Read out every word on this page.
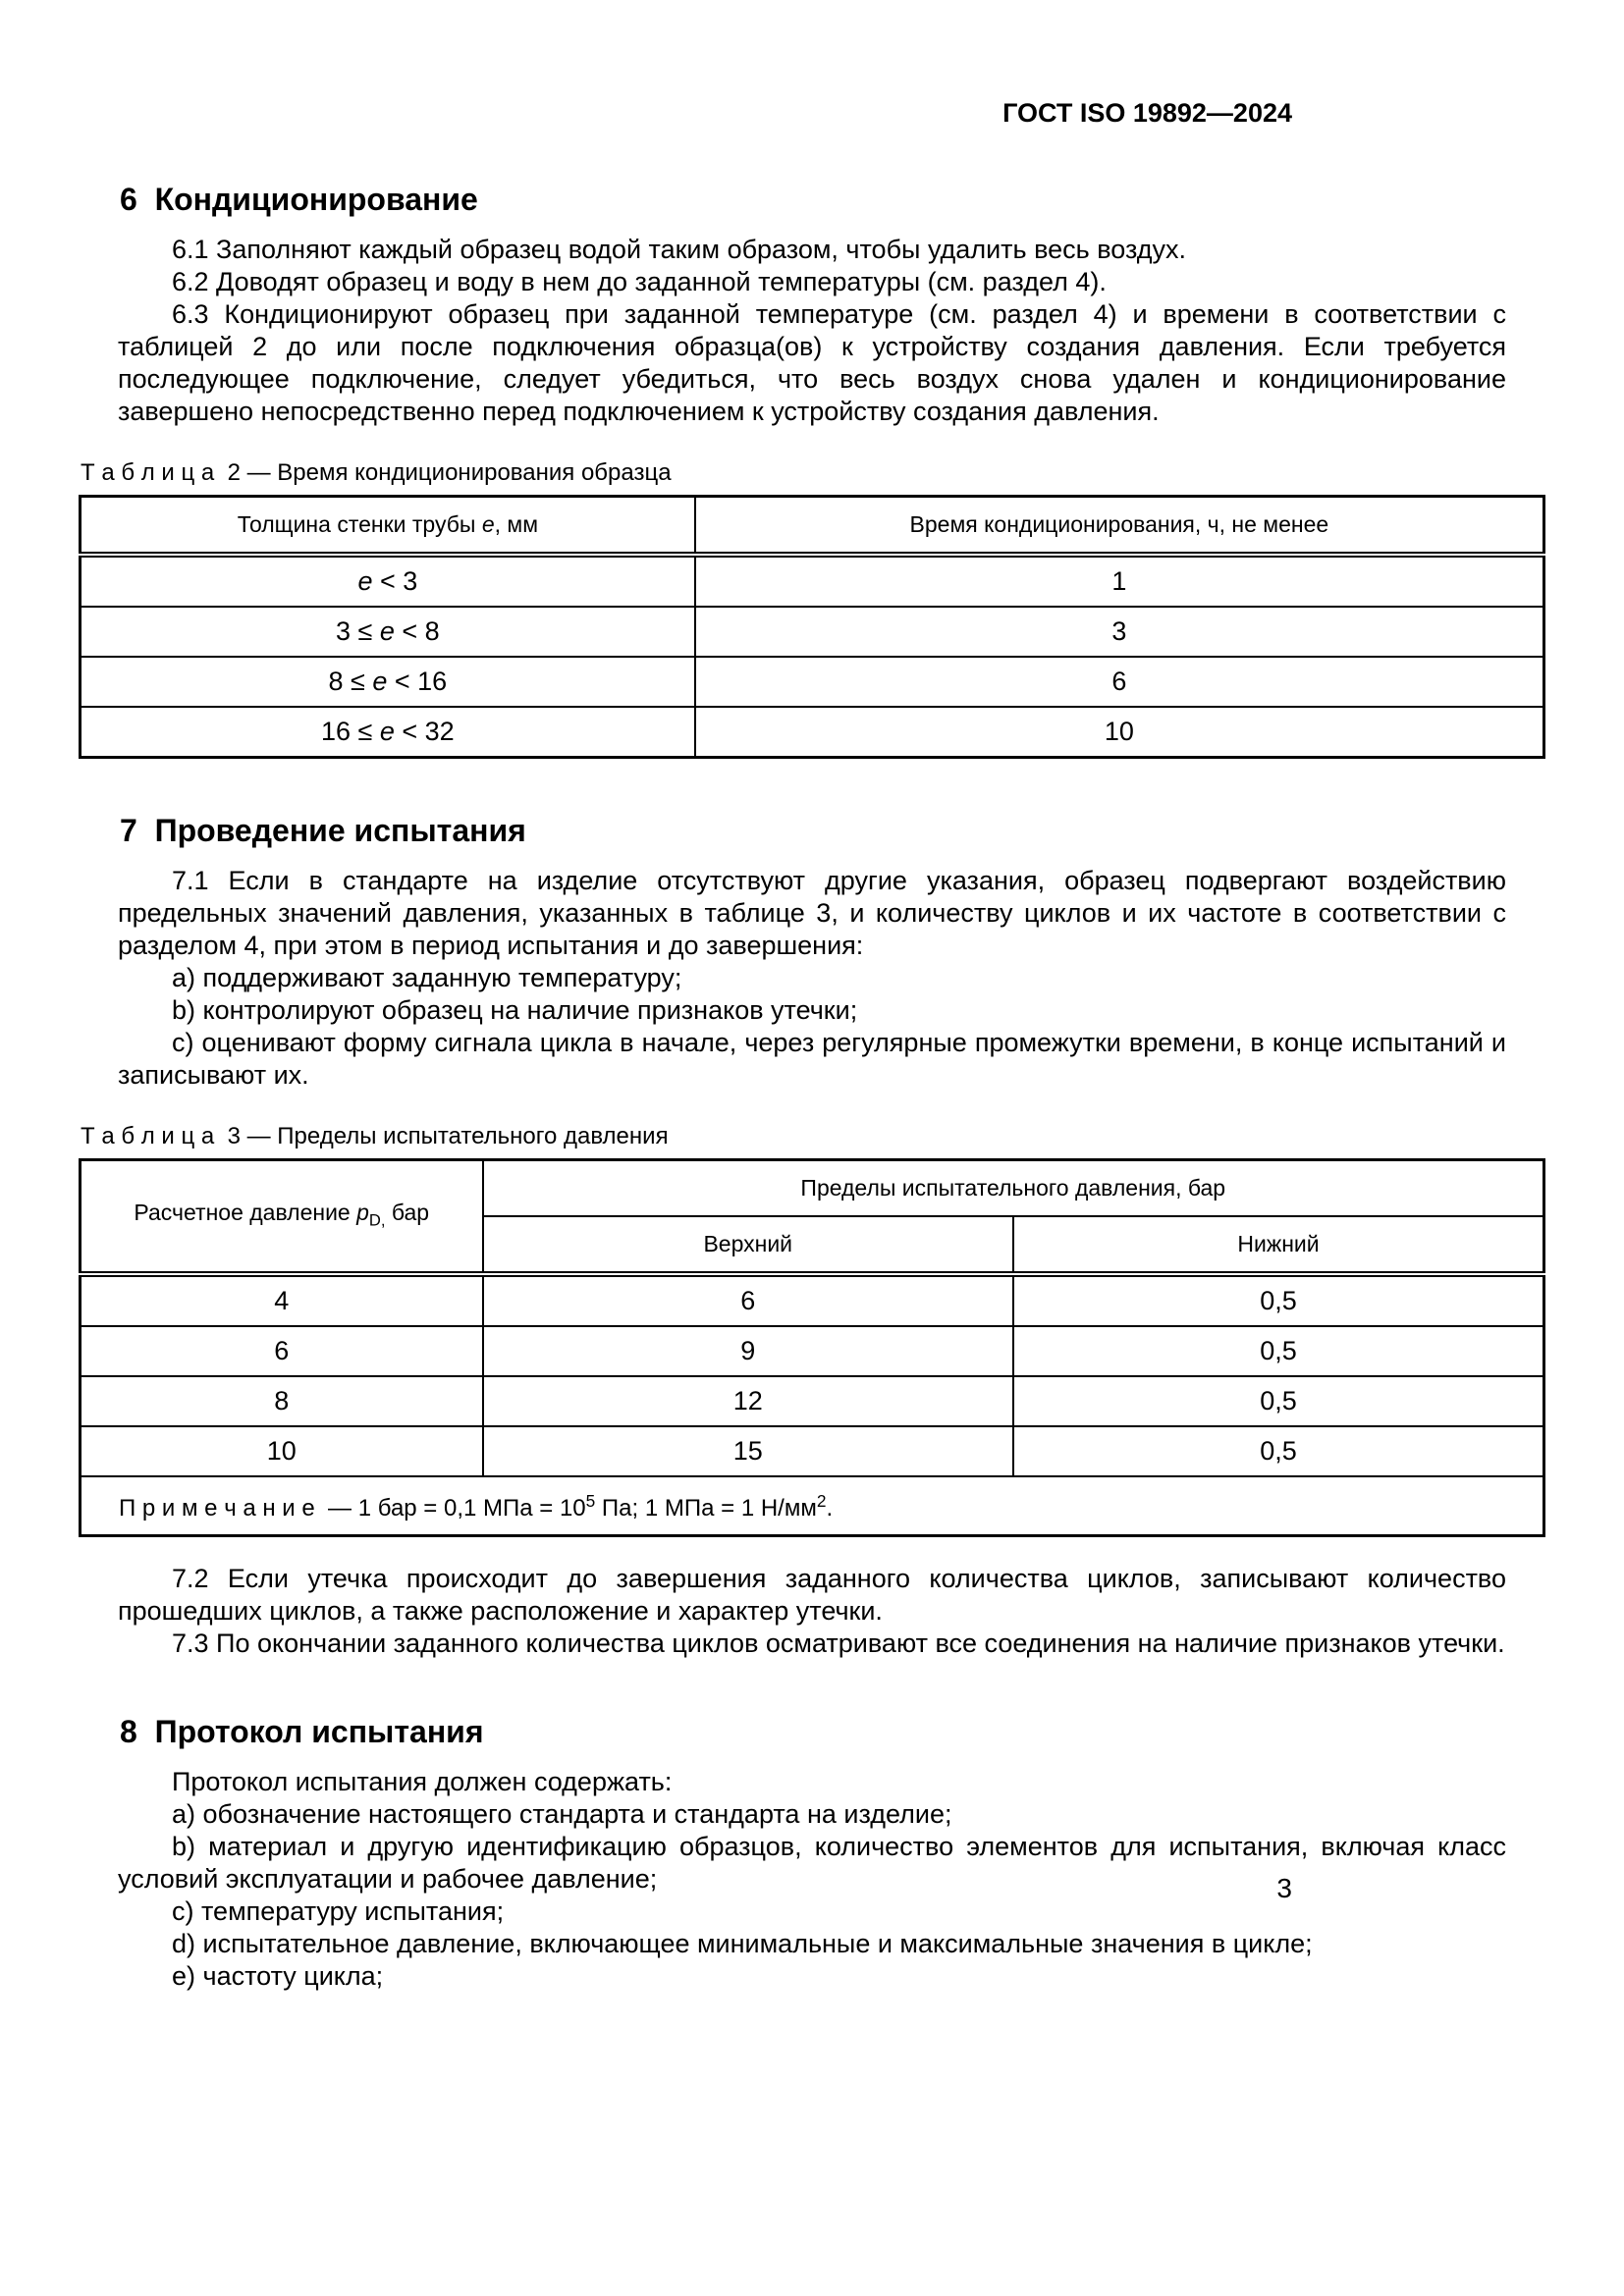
ГОСТ ISO 19892—2024
6  Кондиционирование

6.1 Заполняют каждый образец водой таким образом, чтобы удалить весь воздух.

6.2 Доводят образец и воду в нем до заданной температуры (см. раздел 4).

6.3 Кондиционируют образец при заданной температуре (см. раздел 4) и времени в соответствии с таблицей 2 до или после подключения образца(ов) к устройству создания давления. Если требуется последующее подключение, следует убедиться, что весь воздух снова удален и кондиционирование завершено непосредственно перед подключением к устройству создания давления.

Т а б л и ц а  2 — Время кондиционирования образца

Толщина стенки трубы e, мм	Время кондиционирования, ч, не менее
e < 3	1
3 ≤ e < 8	3
8 ≤ e < 16	6
16 ≤ e < 32	10
7  Проведение испытания

7.1 Если в стандарте на изделие отсутствуют другие указания, образец подвергают воздействию предельных значений давления, указанных в таблице 3, и количеству циклов и их частоте в соответствии с разделом 4, при этом в период испытания и до завершения:

a) поддерживают заданную температуру;

b) контролируют образец на наличие признаков утечки;

c) оценивают форму сигнала цикла в начале, через регулярные промежутки времени, в конце испытаний и записывают их.

Т а б л и ц а  3 — Пределы испытательного давления

Расчетное давление $p_{D,}$ бар	Пределы испытательного давления, бар	
	Верхний	Нижний
4	6	0,5
6	9	0,5
8	12	0,5
10	15	0,5
П р и м е ч а н и е  — 1 бар = 0,1 МПа = $10^5$ Па; 1 МПа = 1 $Н/мм^2$.		

7.2 Если утечка происходит до завершения заданного количества циклов, записывают количество прошедших циклов, а также расположение и характер утечки.

7.3 По окончании заданного количества циклов осматривают все соединения на наличие признаков утечки.

8  Протокол испытания

Протокол испытания должен содержать:

a) обозначение настоящего стандарта и стандарта на изделие;

b) материал и другую идентификацию образцов, количество элементов для испытания, включая класс условий эксплуатации и рабочее давление;

c) температуру испытания;

d) испытательное давление, включающее минимальные и максимальные значения в цикле;

e) частоту цикла;

3
